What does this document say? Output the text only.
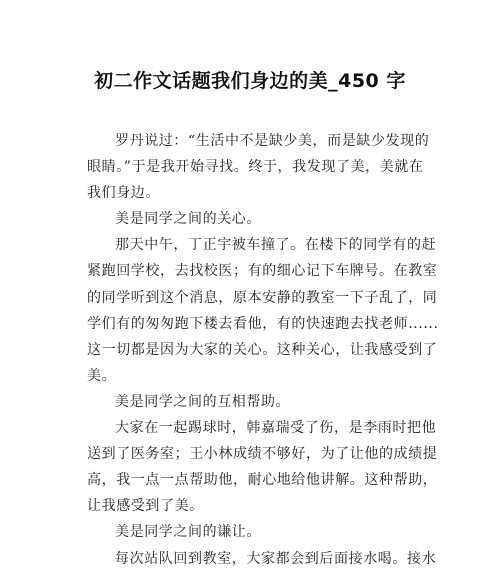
初二作文话题我们身边的美_450 字
罗丹说过：“生活中不是缺少美，而是缺少发现的
眼睛。”于是我开始寻找。终于，我发现了美，美就在
我们身边。
美是同学之间的关心。
那天中午，丁正宇被车撞了。在楼下的同学有的赶
紧跑回学校，去找校医；有的细心记下车牌号。在教室
的同学听到这个消息，原本安静的教室一下子乱了，同
学们有的匆匆跑下楼去看他，有的快速跑去找老师......
这一切都是因为大家的关心。这种关心，让我感受到了
美。
美是同学之间的互相帮助。
大家在一起踢球时，韩嘉瑞受了伤，是李雨时把他
送到了医务室；王小林成绩不够好，为了让他的成绩提
高，我一点一点帮助他，耐心地给他讲解。这种帮助，
让我感受到了美。
美是同学之间的谦让。
每次站队回到教室，大家都会到后面接水喝。接水
